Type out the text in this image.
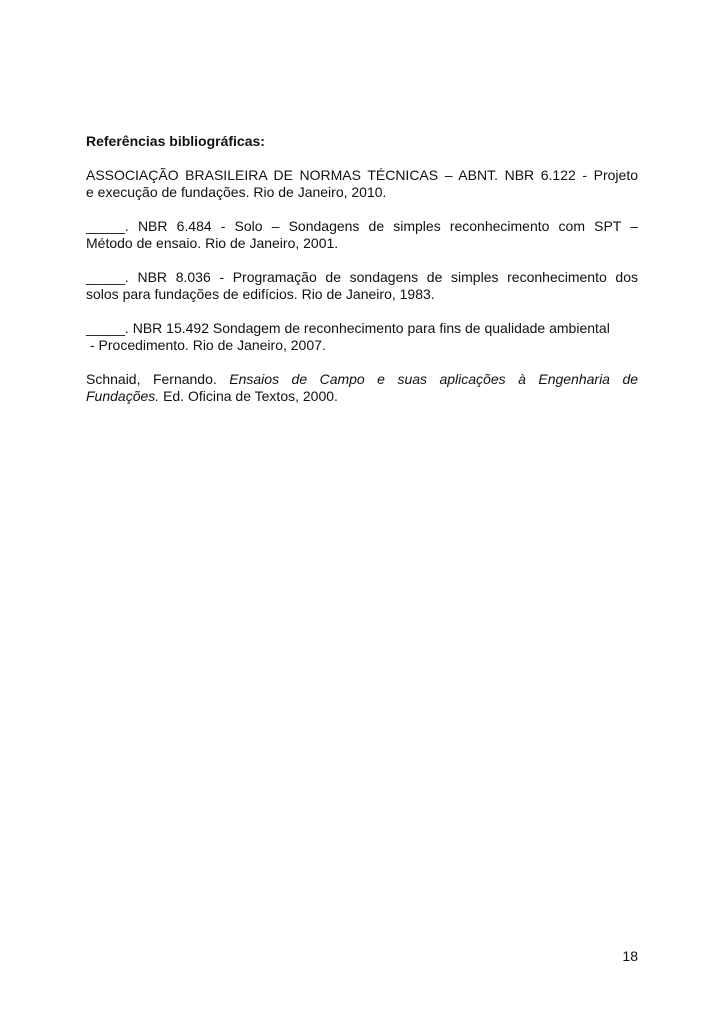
Referências bibliográficas:
ASSOCIAÇÃO BRASILEIRA DE NORMAS TÉCNICAS – ABNT. NBR 6.122 - Projeto
e execução de fundações. Rio de Janeiro, 2010.
_____. NBR 6.484 - Solo – Sondagens de simples reconhecimento com SPT –
Método de ensaio. Rio de Janeiro, 2001.
_____. NBR 8.036 - Programação de sondagens de simples reconhecimento dos
solos para fundações de edifícios. Rio de Janeiro, 1983.
_____. NBR 15.492 Sondagem de reconhecimento para fins de qualidade ambiental
- Procedimento. Rio de Janeiro, 2007.
Schnaid, Fernando. Ensaios de Campo e suas aplicações à Engenharia de
Fundações. Ed. Oficina de Textos, 2000.
18
